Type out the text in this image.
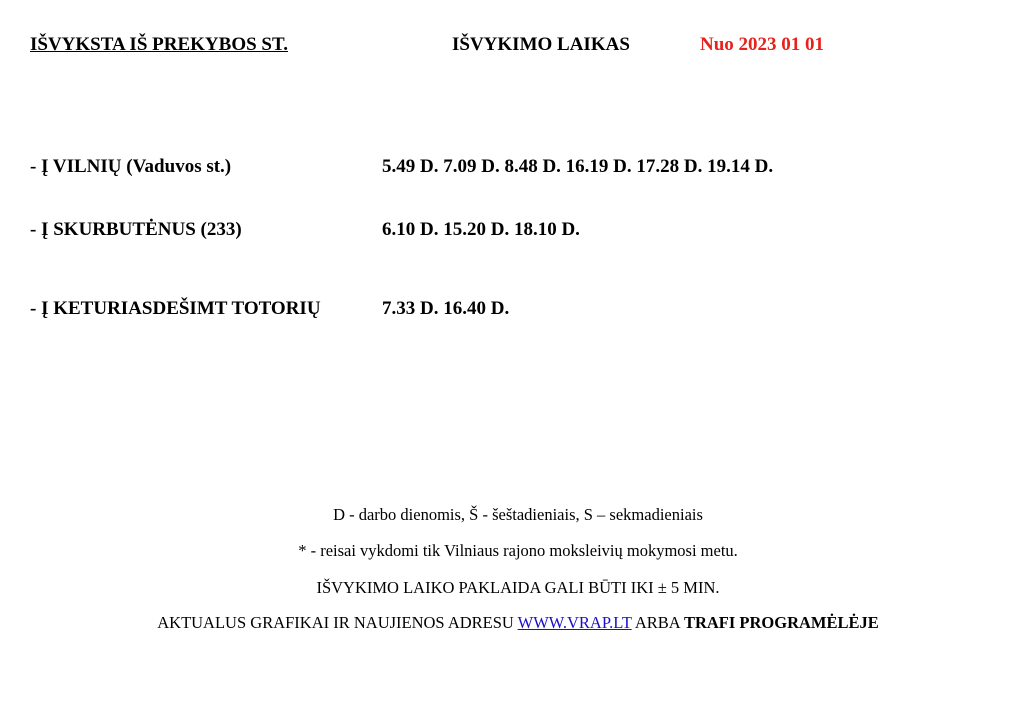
IŠVYKSTA IŠ PREKYBOS ST.	IŠVYKIMO LAIKAS	Nuo 2023 01 01
- Į VILNIŲ (Vaduvos st.)	5.49 D. 7.09 D. 8.48 D. 16.19 D. 17.28 D. 19.14 D.
- Į SKURBUTĖNUS (233)	6.10 D. 15.20 D. 18.10 D.
- Į KETURIASDEŠIMT TOTORIŲ	7.33 D. 16.40 D.
D - darbo dienomis, Š - šeštadieniais, S – sekmadieniais
* - reisai vykdomi tik Vilniaus rajono moksleivių mokymosi metu.
IŠVYKIMO LAIKO PAKLAIDA GALI BŪTI IKI ± 5 MIN.
AKTUALUS GRAFIKAI IR NAUJIENOS ADRESU WWW.VRAP.LT ARBA TRAFI PROGRAMĖLĖJE
